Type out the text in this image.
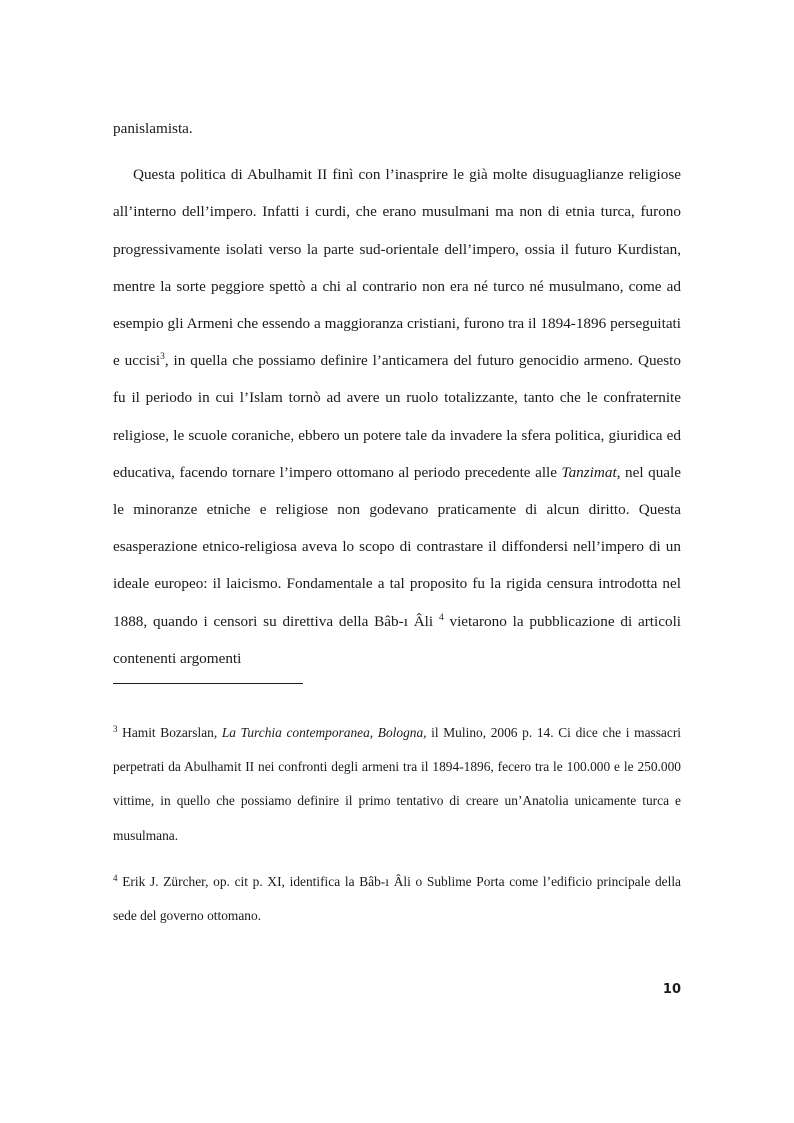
panislamista.

Questa politica di Abulhamit II finì con l’inasprire le già molte disuguaglianze religiose all’interno dell’impero. Infatti i curdi, che erano musulmani ma non di etnia turca, furono progressivamente isolati verso la parte sud-orientale dell’impero, ossia il futuro Kurdistan, mentre la sorte peggiore spettò a chi al contrario non era né turco né musulmano, come ad esempio gli Armeni che essendo a maggioranza cristiani, furono tra il 1894-1896 perseguitati e uccisi$^3$, in quella che possiamo definire l’anticamera del futuro genocidio armeno. Questo fu il periodo in cui l’Islam tornò ad avere un ruolo totalizzante, tanto che le confraternite religiose, le scuole coraniche, ebbero un potere tale da invadere la sfera politica, giuridica ed educativa, facendo tornare l’impero ottomano al periodo precedente alle Tanzimat, nel quale le minoranze etniche e religiose non godevano praticamente di alcun diritto. Questa esasperazione etnico-religiosa aveva lo scopo di contrastare il diffondersi nell’impero di un ideale europeo: il laicismo. Fondamentale a tal proposito fu la rigida censura introdotta nel 1888, quando i censori su direttiva della Bâb-ı Âli $^4$ vietarono la pubblicazione di articoli contenenti argomenti

$^3$ Hamit Bozarslan, La Turchia contemporanea, Bologna, il Mulino, 2006 p. 14. Ci dice che i massacri perpetrati da Abulhamit II nei confronti degli armeni tra il 1894-1896, fecero tra le 100.000 e le 250.000 vittime, in quello che possiamo definire il primo tentativo di creare un’Anatolia unicamente turca e musulmana.

$^4$ Erik J. Zürcher, op. cit p. XI, identifica la Bâb-ı Âli o Sublime Porta come l’edificio principale della sede del governo ottomano.

10
